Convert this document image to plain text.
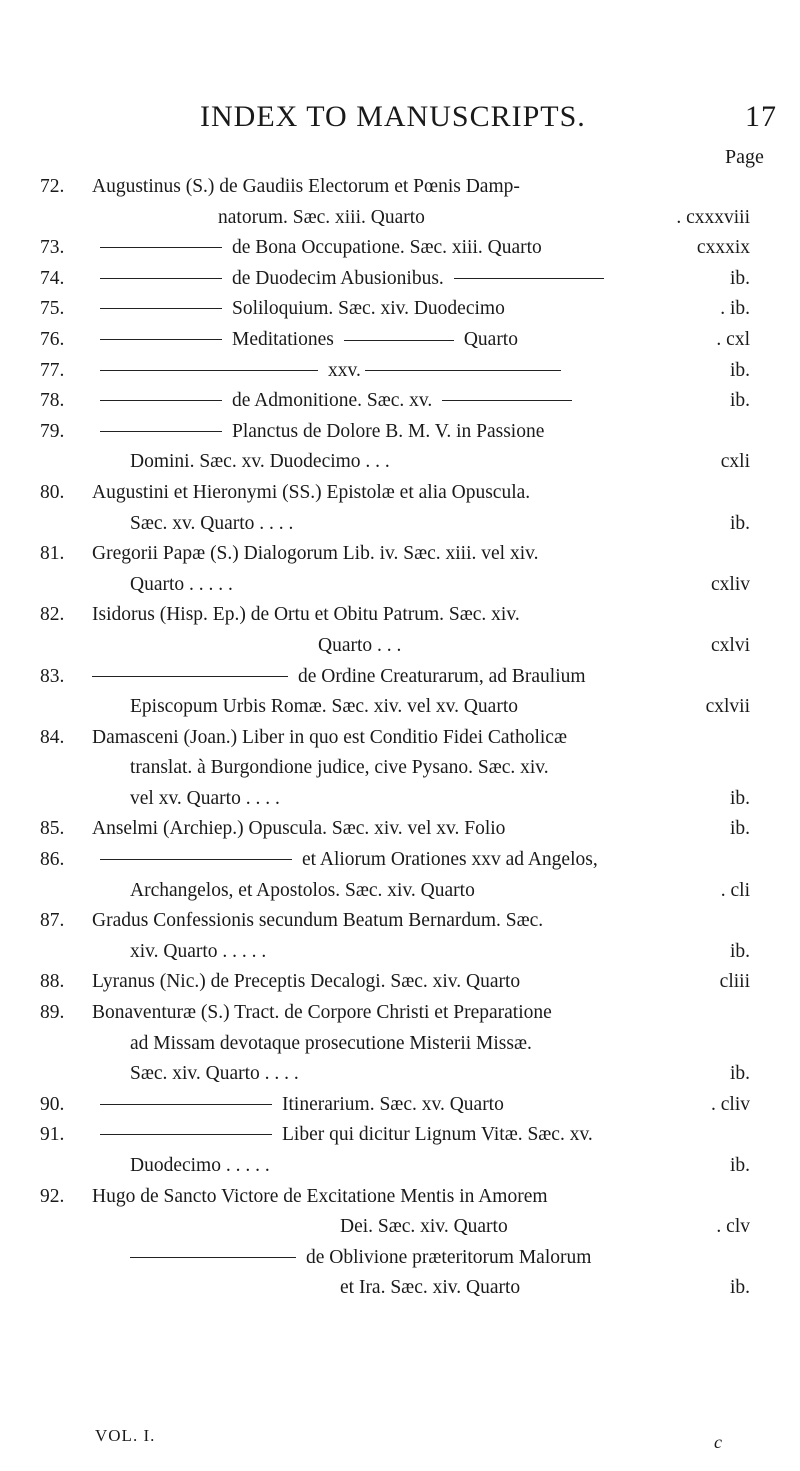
INDEX TO MANUSCRIPTS.	17
Page
72. Augustinus (S.) de Gaudiis Electorum et Pœnis Damp-
natorum. Sæc. xiii. Quarto	. cxxxviii
73.	de Bona Occupatione. Sæc. xiii. Quarto	cxxxix
74.	de Duodecim Abusionibus.	ib.
75.	Soliloquium. Sæc. xiv. Duodecimo	. ib.
76.	Meditationes	Quarto	. cxl
77.	xxv.	ib.
78.	de Admonitione. Sæc. xv.	ib.
79.	Planctus de Dolore B. M. V. in Passione
Domini. Sæc. xv. Duodecimo . . .	cxli
80. Augustini et Hieronymi (SS.) Epistolæ et alia Opuscula.
Sæc. xv. Quarto . . . .	ib.
81. Gregorii Papæ (S.) Dialogorum Lib. iv. Sæc. xiii. vel xiv.
Quarto . . . . .	cxliv
82. Isidorus (Hisp. Ep.) de Ortu et Obitu Patrum. Sæc. xiv.
Quarto . . .	cxlvi
83.	de Ordine Creaturarum, ad Braulium
Episcopum Urbis Romæ. Sæc. xiv. vel xv. Quarto	cxlvii
84. Damasceni (Joan.) Liber in quo est Conditio Fidei Catholicæ
translat. à Burgondione judice, cive Pysano. Sæc. xiv.
vel xv. Quarto . . . .	ib.
85. Anselmi (Archiep.) Opuscula. Sæc. xiv. vel xv. Folio	ib.
86.	et Aliorum Orationes xxv ad Angelos,
Archangelos, et Apostolos. Sæc. xiv. Quarto	. cli
87. Gradus Confessionis secundum Beatum Bernardum. Sæc.
xiv. Quarto . . . . .	ib.
88. Lyranus (Nic.) de Preceptis Decalogi. Sæc. xiv. Quarto	cliii
89. Bonaventuræ (S.) Tract. de Corpore Christi et Preparatione
ad Missam devotaque prosecutione Misterii Missæ.
Sæc. xiv. Quarto . . . .	ib.
90.	Itinerarium. Sæc. xv. Quarto	. cliv
91.	Liber qui dicitur Lignum Vitæ. Sæc. xv.
Duodecimo . . . . .	ib.
92. Hugo de Sancto Victore de Excitatione Mentis in Amorem
Dei. Sæc. xiv. Quarto	. clv
de Oblivione præteritorum Malorum
et Ira. Sæc. xiv. Quarto	ib.
VOL. I.	c
